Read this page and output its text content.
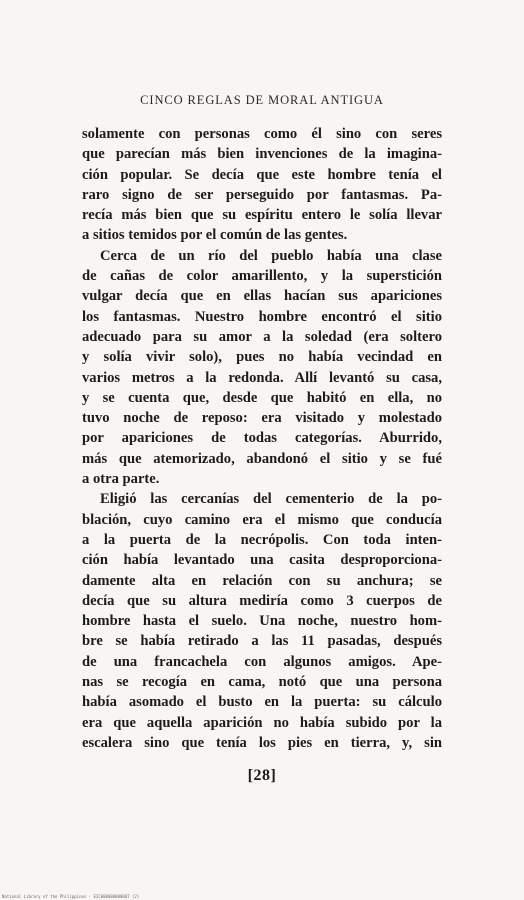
CINCO REGLAS DE MORAL ANTIGUA
solamente con personas como él sino con seres
que parecían más bien invenciones de la imagina-
ción popular. Se decía que este hombre tenía el
raro signo de ser perseguido por fantasmas. Pa-
recía más bien que su espíritu entero le solía llevar
a sitios temidos por el común de las gentes.
Cerca de un río del pueblo había una clase
de cañas de color amarillento, y la superstición
vulgar decía que en ellas hacían sus apariciones
los fantasmas. Nuestro hombre encontró el sitio
adecuado para su amor a la soledad (era soltero
y solía vivir solo), pues no había vecindad en
varios metros a la redonda. Allí levantó su casa,
y se cuenta que, desde que habitó en ella, no
tuvo noche de reposo: era visitado y molestado
por apariciones de todas categorías. Aburrido,
más que atemorizado, abandonó el sitio y se fué
a otra parte.
Eligió las cercanías del cementerio de la po-
blación, cuyo camino era el mismo que conducía
a la puerta de la necrópolis. Con toda inten-
ción había levantado una casita desproporciona-
damente alta en relación con su anchura; se
decía que su altura mediría como 3 cuerpos de
hombre hasta el suelo. Una noche, nuestro hom-
bre se había retirado a las 11 pasadas, después
de una francachela con algunos amigos. Ape-
nas se recogía en cama, notó que una persona
había asomado el busto en la puerta: su cálculo
era que aquella aparición no había subido por la
escalera sino que tenía los pies en tierra, y, sin
[28]
National Library of the Philippines · EIC000000000087 (2)
